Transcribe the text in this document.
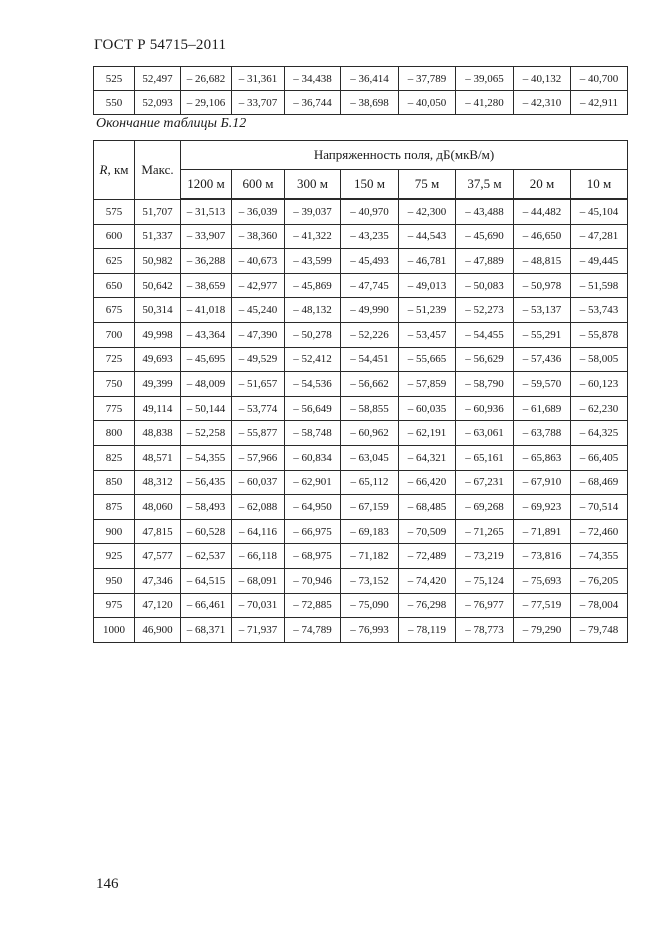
ГОСТ Р 54715–2011
525	52,497	– 26,682	– 31,361	– 34,438	– 36,414	– 37,789	– 39,065	– 40,132	– 40,700
550	52,093	– 29,106	– 33,707	– 36,744	– 38,698	– 40,050	– 41,280	– 42,310	– 42,911
Окончание таблицы Б.12
R, км	Макс.	Напряженность поля, дБ(мкВ/м)							
		1200 м	600 м	300 м	150 м	75 м	37,5 м	20 м	10 м
575	51,707	– 31,513	– 36,039	– 39,037	– 40,970	– 42,300	– 43,488	– 44,482	– 45,104
600	51,337	– 33,907	– 38,360	– 41,322	– 43,235	– 44,543	– 45,690	– 46,650	– 47,281
625	50,982	– 36,288	– 40,673	– 43,599	– 45,493	– 46,781	– 47,889	– 48,815	– 49,445
650	50,642	– 38,659	– 42,977	– 45,869	– 47,745	– 49,013	– 50,083	– 50,978	– 51,598
675	50,314	– 41,018	– 45,240	– 48,132	– 49,990	– 51,239	– 52,273	– 53,137	– 53,743
700	49,998	– 43,364	– 47,390	– 50,278	– 52,226	– 53,457	– 54,455	– 55,291	– 55,878
725	49,693	– 45,695	– 49,529	– 52,412	– 54,451	– 55,665	– 56,629	– 57,436	– 58,005
750	49,399	– 48,009	– 51,657	– 54,536	– 56,662	– 57,859	– 58,790	– 59,570	– 60,123
775	49,114	– 50,144	– 53,774	– 56,649	– 58,855	– 60,035	– 60,936	– 61,689	– 62,230
800	48,838	– 52,258	– 55,877	– 58,748	– 60,962	– 62,191	– 63,061	– 63,788	– 64,325
825	48,571	– 54,355	– 57,966	– 60,834	– 63,045	– 64,321	– 65,161	– 65,863	– 66,405
850	48,312	– 56,435	– 60,037	– 62,901	– 65,112	– 66,420	– 67,231	– 67,910	– 68,469
875	48,060	– 58,493	– 62,088	– 64,950	– 67,159	– 68,485	– 69,268	– 69,923	– 70,514
900	47,815	– 60,528	– 64,116	– 66,975	– 69,183	– 70,509	– 71,265	– 71,891	– 72,460
925	47,577	– 62,537	– 66,118	– 68,975	– 71,182	– 72,489	– 73,219	– 73,816	– 74,355
950	47,346	– 64,515	– 68,091	– 70,946	– 73,152	– 74,420	– 75,124	– 75,693	– 76,205
975	47,120	– 66,461	– 70,031	– 72,885	– 75,090	– 76,298	– 76,977	– 77,519	– 78,004
1000	46,900	– 68,371	– 71,937	– 74,789	– 76,993	– 78,119	– 78,773	– 79,290	– 79,748
146
